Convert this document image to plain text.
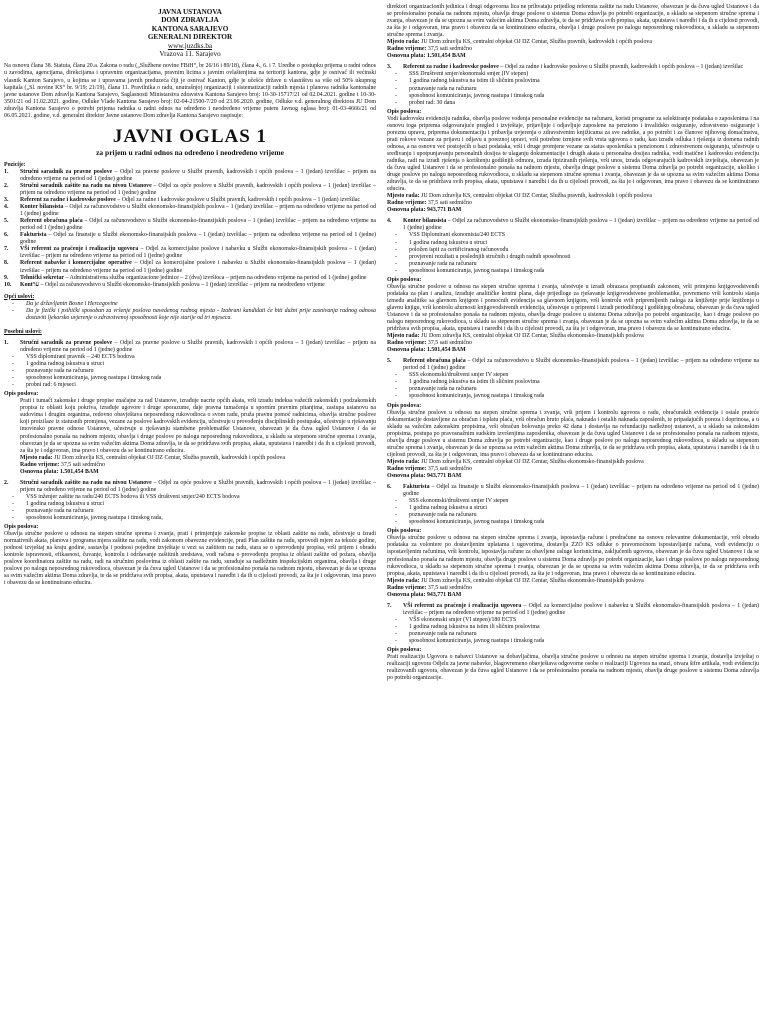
JAVNA USTANOVA

DOM ZDRAVLJA

KANTONA SARAJEVO

GENERALNI DIREKTOR

www.juzdks.ba

Vrazova 11. Sarajevo

Na osnovu člana 38. Statuta, člana 20.a. Zakona o radu („Službene novine FBiH“, br 26/16 i 89/18), člana 4., 6. i 7. Uredbe o postupku prijema u radni odnos u zavodima, agencijama, direkcijama i upravnim organizacijama, pravnim licima s javnim ovlaštenjima na teritoriji kantona, gdje je osnivač ili većinski vlasnik Kanton Sarajevo, u kojima se i upravama javnih preduzeća čiji je osnivač Kanton, gdje je učešće države u vlasništvu sa više od 50% ukupnog kapitala („Sl. novine KS“ br. 9/19; 21/19), člana 11. Pravilnika o radu, unutrašnjoj organizaciji i sistematizaciji radnih mjesta i planova radnika kantonalne javne ustanove Dom zdravlja Kantona Sarajevo, Saglasnosti Ministarstva zdravstva Kantona Sarajevo broj: 10-30-15717/21 od 02.04.2021. godine i 10-30-3501/21 od 11.02.2021. godine, Odluke Vlade Kantona Sarajevo broj: 02-04-21500-7/20 od 23.06.2020. godine, Odluke v.d. generalnog direktora JU Dom zdravlja Kantona Sarajevo o potrebi prijema radnika u radni odnos na određeno i neodređeno vrijeme putem Javnog oglasa broj: 01-03-4666/21 od 06.05.2021. godine, v.d. generalni direktor Javne ustanove Dom zdravlja Kantona Sarajevo raspisuje:

JAVNI OGLAS 1

za prijem u radni odnos na određeno i neodređeno vrijeme

Pozicije:

1.	Stručni saradnik za pravne poslove – Odjel za pravne poslove u Službi pravnih, kadrovskih i općih poslova – 1 (jedan) izvršilac – prijem na određeno vrijeme na period od 1 (jedne) godine
2.	Stručni saradnik zaštite na radu na nivou Ustanove – Odjel za opće poslove u Službi pravnih, kadrovskih i općih poslova – 1 (jedan) izvršilac – prijem na određeno vrijeme na period od 1 (jedne) godine
3.	Referent za radne i kadrovske poslove – Odjel za radne i kadrovske poslove u Službi pravnih, kadrovskih i općih poslova – 1 (jedan) izvršilac
4.	Konter bilansista – Odjel za računovodstvo u Službi ekonomsko-finansijskih poslova – 1 (jedan) izvršilac – prijem na određeno vrijeme na period od 1 (jedne) godine
5.	Referent obračuna plaća – Odjel za računovodstvo u Službi ekonomsko-finansijskih poslova – 1 (jedan) izvršilac – prijem na određeno vrijeme na period od 1 (jedne) godine
6.	Fakturista – Odjel za finansije u Službi ekonomsko-finansijskih poslova – 1 (jedan) izvršilac – prijem na određeno vrijeme na period od 1 (jedne) godine
7.	VŠi referent za praćenje i realizaciju ugovora – Odjel za komercijalne poslove i nabavku u Službi ekonomsko-finansijskih poslova – 1 (jedan) izvršilac – prijem na određeno vrijeme na period od 1 (jedne) godine
8.	Referent nabavke i komercijalne operative – Odjel za komercijalne poslove i nabavku u Službi ekonomsko-finansijskih poslova – 1 (jedan) izvršilac – prijem na određeno vrijeme na period od 1 (jedne) godine
9.	Tehnički sekretar – Administrativna služba organizacione jedinice – 2 (dva) izvršioca – prijem na određeno vrijeme na period od 1 (jedne) godine
10.	Kontער – Odjel za računovodstvo u Službi ekonomsko-finansijskih poslova – 1 (jedan) izvršilac – prijem na neodređeno vrijeme

Opći uslovi:

-	Da je državljanin Bosne i Hercegovine
-	Da je fizički i psihički sposoban za vršenje poslova navedenog radnog mjesta - Izabrani kandidati će biti dužni prije zasnivanja radnog odnosa dostaviti ljekarsko uvjerenje o zdravstvenoj sposobnosti koje nije starije od tri mjeseca.

Posebni uslovi:

1.	Stručni saradnik za pravne poslove – Odjel za pravne poslove u Službi pravnih, kadrovskih i općih poslova – 1 (jedan) izvršilac – prijem na određeno vrijeme na period od 1 (jedne) godine
-	VSS diplomirani pravnik – 240 ECTS bodova
-	1 godina radnog iskustva u struci
-	poznavanje rada na računaru
-	sposobnost komuniciranja, javnog nastupa i timskog rada
-	probni rad: 6 mjeseci

Opis poslova:

Prati i tumači zakonske i druge propise značajne za rad Ustanove, izrađuje nacrte općih akata, vrši izradu indeksa važećih zakonskih i podzakonskih propisa iz oblasti koju pokriva, izrađuje ugovore i druge sporazume, daje pravna tumačenja u sporním pravnim pitanjima, zastupa ustanovu na sudovima i drugim organima, redovno obavještava neposrednog rukovodioca o svom radu, pruža pravnu pomoć radnicima, obavlja stručne poslove koji proizilaze iz statusnih promjena, vezane za poslove kadrovskih evidencija, učestvuje u provođenju disciplinskih postupaka, učestvuje u rješavanju imovinsko pravne odnose Ustanove, učestvuje u rješavanju stambene problematike Ustanove, obavezan je da čuva ugled Ustanove i da se profesionalno ponaša na radnom mjestu, obavlja i druge poslove po nalogu neposrednog rukovodioca, u skladu sa stepenom stručne sprema i zvanja, obavezan je da se upozna sa svim važećim aktima Doma zdravlja, te da se pridržava svih propisa, akata, uputstava i naredbi i da ih u cijelosti provodi, za šta je i odgovoran, ima pravo i obavezu da se kontinuirano educira.

Mjesto rada: JU Dom zdravlja KS, centralni objekat OJ DZ Centar, Služba pravnih, kadrovskih i općih poslova

Radno vrijeme: 37,5 sati sedmično

Osnovna plata: 1.501,454 BAM

2.	Stručni saradnik zaštite na radu na nivou Ustanove – Odjel za opće poslove u Službi pravnih, kadrovskih i općih poslova – 1 (jedan) izvršilac – prijem na određeno vrijeme na period od 1 (jedne) godine
-	VSS inženjer zaštite na radu/240 ECTS bodova ili VSS društveni smjer/240 ECTS bodova
-	1 godina radnog iskustva u struci
-	poznavanje rada na računaru
-	sposobnost komuniciranja, javnog nastupa i timskog rada,

Opis poslova:

Obavlja stručne poslove u odnosu na stepen stručne sprema i zvanja, prati i primjenjuje zakonske propise iz oblasti zaštite na radu, učestvuje u izradi normativnih akata, planova i programa mjera zaštite na radu, vodi zakonom obavezne evidencije, prati Plan zaštite na radu, sprovodi mjere za tekuće godine, podnosi izvještaj na kraju godine, sastavlja i podnosi pojedine izvještaje u vezi sa zaštitom na radu, stara se o sprovođenju propisa, vrši prijem i obradu kontrole ispravnosti, efikasnost, čuvanje, kontrolu i održavanje zaštitnih sredstava, vodi računa o provođenju propisa iz oblasti zaštite od požara, obavlja poslove koordinatora zaštite na radu, radi na stručnim poslovima iz oblasti zaštite na radu, surađuje sa nadležnim inspekcijskim organima, obavlja i druge poslove po nalogu neposrednog rukovodioca, obavezan je da čuva ugled Ustanove i da se profesionalno ponaša na radnom mjestu, obavezan je da se upozna sa svim važećim aktima Doma zdravlja, te da se pridržava svih propisa, akata, uputstava i naredbi i da ih u cijelosti provodi, za šta je i odgovoran, ima pravo i obavezu da se kontinuirano educira.

direktori organizacionih jedinica i drugi odgovorna lica ne prihvataju prijedlog referenta zaštite na radu Ustanove, obavezan je da čuva ugled Ustanove i da se profesionalno ponaša na radnom mjestu, obavlja druge poslove u sistemu Doma zdravlja po potrebi organizacije, u skladu sa stepenom stručne sprema i zvanja, obavezan je da se upozna sa svim važećim aktima Doma zdravlja, te da se pridržava svih propisa, akata, uputstava i naredbi i da ih u cijelosti provodi, za šta je i odgovoran, ima pravo i obavezu da se kontinuirano educira, obavlja i druge poslove po nalogu neposrednog rukovodioca, u skladu sa stepenom stručne sprema i zvanja.

Mjesto rada: JU Dom zdravlja KS, centralni objekat OJ DZ Centar, Služba pravnih, kadrovskih i općih poslova

Radno vrijeme: 37,5 sati sedmično

Osnovna plata: 1.501,454 BAM

3.	Referent za radne i kadrovske poslove – Odjel za radne i kadrovske poslove u Službi pravnih, kadrovskih i općih poslova – 1 (jedan) izvršilac
-	SSS Društveni smjer/ekonomski smjer (IV stepen)
-	1 godina radnog iskustva na istim ili sličnim poslovima
-	poznavanje rada na računaru
-	sposobnost komuniciranja, javnog nastupa i timskog rada
-	probni rad: 30 dana

Opis poslova:

Vodi kadrovsku evidenciju radnika, obavlja poslove vođenja personalne evidencije na računaru, koristi programe za selektiranje podataka o zaposlenima i na osnovu toga priprema odgovarajuće pregled i izvještaje, prijavljuje i odjavljuje zaposlene na penziono i invalidsko osiguranje, zdravstveno osiguranje i poreznu upravu, priprema dokumentaciju i pribavlja uvjerenja o zdravstvenim knjižicama za sve radnike, a po potrebi i za članove njihovog domaćinstva, prati rokove vezane za prijavu i odjavu u poreznoj upravi, vrši potrebne izmjene svih vrsta ugovora o radu, kao izradu odluka i rješenja iz domena radnih odnosa, a na osnovu već postojećih u bazi podataka, vrši i druge promjene vezane za status uposlenika u penzionom i zdravstvenom osiguranju, učestvuje u sređivanju i upotpunjavanju personalnih dosijea te ulaganju dokumentacije i drugih akata u personalna dosijea radnika, vodi matične i kadrovsku evidenciju radnika, radi na izradi rješenja o korištenju godišnjih odmora, izrada tipiziranih rješenja, vrši unos, izrada odgovarajućih kadrovskih izvještaja, obavezan je da čuva ugled Ustanove i da se profesionalno ponaša na radnom mjestu, obavlja druge poslove u sistemu Doma zdravlja po potrebi organizacije, ukoliko i druge poslove po nalogu neposrednog rukovodioca, u skladu sa stepenom stručne sprema i zvanja, obavezan je da se upozna sa svim važećim aktima Doma zdravlja, te da se pridržava svih propisa, akata, uputstava i naredbi i da ih u cijelosti provodi, za šta je i odgovoran, ima pravo i obavezu da se kontinuirano educira.

Mjesto rada: JU Dom zdravlja KS, centralni objekat OJ DZ Centar, Služba pravnih, kadrovskih i općih poslova

Radno vrijeme: 37,5 sati sedmično

Osnovna plata: 943,771 BAM

4.	Konter bilansista – Odjel za računovodstvo u Službi ekonomsko-finansijskih poslova – 1 (jedan) izvršilac – prijem na određeno vrijeme na period od 1 (jedne) godine
-	VSS Diplomirani ekonomista/240 ECTS
-	1 godina radnog iskustva u struci
-	položen ispit za certificiranog računovođu
-	provjereni rezultati u poslednjih stručnih i drugih radnih sposobnosti
-	poznavanje rada na računaru
-	sposobnost komuniciranja, javnog nastupa i timskog rada

Opis poslova:

Obavlja stručne poslove u odnosu na stepen stručne sprema i zvanja, učestvuje u izradi obrazaca propisanih zakonom, vrši primjenu knjigovodstvenih podataka za plan i analizu, izrađuje analitičke kontni plana, daje prijedloge za rješavanje knjigovodstvene problematike, povremeno vrši kontrolu stanja između analitike sa glavnom knjigom i pomoćnih evidencija sa glavnom knjigom, vrši kontrolu svih pripremljenih naloga za knjiženje prije knjiženja u glavnu knjigu, vrši kontrolu ažurnosti knjigovodstvenih evidencija, učestvuje u pripremi i izradi periodičnog i godišnjeg obračuna, obavezan je da čuva ugled Ustanove i da se profesionalno ponaša na radnom mjestu, obavlja druge poslove u sistemu Doma zdravlja po potrebi organizacije, kao i druge poslove po nalogu neposrednog rukovodioca, u skladu sa stepenom stručne sprema i zvanja, obavezan je da se upozna sa svim važećim aktima Doma zdravlja, te da se pridržava svih propisa, akata, uputstava i naredbi i da ih u cijelosti provodi, za šta je i odgovoran, ima pravo i obavezu da se kontinuirano educira.

Mjesto rada: JU Dom zdravlja KS, centralni objekat OJ DZ Centar, Služba ekonomsko-finansijskih poslova

Radno vrijeme: 37,5 sati sedmično

Osnovna plata: 1.501,454 BAM

5.	Referent obračuna plaća – Odjel za računovodstvo u Službi ekonomsko-finansijskih poslova – 1 (jedan) izvršilac – prijem na određeno vrijeme na period od 1 (jedne) godine
-	SSS ekonomski/društveni smjer IV stepen
-	1 godina radnog iskustva na istim ili sličnim poslovima
-	poznavanje rada na računaru
-	sposobnost komuniciranja, javnog nastupa i timskog rada

Opis poslova:

Obavlja stručne poslove u odnosu na stepen stručne sprema i zvanja, vrši prijem i kontrolu ugovora o radu, obračunskih evidencija i ostale pratеće dokumentacije dostavljene za obračun i isplatu plaća, vrši obračun bruto plaća, naknada i ostalih naknada zaposlenih, te pripadajućih poreza i doprinosa, a u skladu sa važećim zakonskim propisima, vrši obračun bolovanja preko 42 dana i dostavlja na refundaciju nadležnoj ustanovi, a u skladu sa zakonskim propisima, postupa po pravosnažnim sudskim izvršenjima zaposlenika, obavezan je da čuva ugled Ustanove i da se profesionalno ponaša na radnom mjestu, obavlja druge poslove u sistemu Doma zdravlja po potrebi organizacije, kao i druge poslove po nalogu neposrednog rukovodioca, u skladu sa stepenom stručne sprema i zvanja, obavezan je da se upozna sa svim važećim aktima Doma zdravlja, te da se pridržava svih propisa, akata, uputstava i naredbi i da ih u cijelosti provodi, za šta je i odgovoran, ima pravo i obavezu da se kontinuirano educira.

Mjesto rada: JU Dom zdravlja KS, centralni objekat OJ DZ Centar, Služba ekonomsko-finansijskih poslova

Radno vrijeme: 37,5 sati sedmično

Osnovna plata: 943,771 BAM

6.	Fakturista – Odjel za finansije u Službi ekonomsko-finansijskih poslova – 1 (jedan) izvršilac – prijem na određeno vrijeme na period od 1 (jedne) godine
-	SSS ekonomski/društveni smjer IV stepen
-	1 godina radnog iskustva u struci
-	poznavanje rada na računaru
-	sposobnost komuniciranja, javnog nastupa i timskog rada

Opis poslova:

Obavlja stručne poslove u odnosu na stepen stručne sprema i zvanja, ispostavlja račune i predračune na osnovu relevantne dokumentacije, vrši obradu podataka za volontere po dostavljenim uplatama i ugovorima, dostavlja ZZO KS odluke o pravomoćnom ispostavljanju računa, vodi evidenciju o ispostavljenim računima, vrši kontrolu, ispostavlja račune za obavljene usluge korisnicima, zaključenih ugovora, obavezan je da čuva ugled Ustanove i da se profesionalno ponaša na radnom mjestu, obavlja druge poslove u sistemu Doma zdravlja po potrebi organizacije, kao i druge poslove po nalogu neposrednog rukovodioca, u skladu sa stepenom stručne sprema i zvanja, obavezan je da se upozna sa svim važećim aktima Doma zdravlja, te da se pridržava svih propisa, akata, uputstava i naredbi i da ih u cijelosti provodi, za šta je i odgovoran, ima pravo i obavezu da se kontinuirano educira.

Mjesto rada: JU Dom zdravlja KS, centralni objekat OJ DZ Centar, Služba ekonomsko-finansijskih poslova

Radno vrijeme: 37,5 sati sedmično

Osnovna plata: 943,771 BAM

7.	VŠi referent za praćenje i realizaciju ugovora – Odjel za komercijalne poslove i nabavku u Službi ekonomsko-finansijskih poslova – 1 (jedan) izvršilac – prijem na određeno vrijeme na period od 1 (jedne) godine
-	VŠS ekonomski smjer (VI stepen)/180 ECTS
-	1 godina radnog iskustva na istim ili sličnim poslovima
-	poznavanje rada na računaru
-	sposobnost komuniciranja, javnog nastupa i timskog rada

Opis poslova:

Prati realizaciju Ugovora o nabavci Ustanove sa dobavljačima, obavlja stručne poslove u odnosu na stepen stručne sprema i zvanja, dostavlja izvještaj o realizaciji ugovora Odjelu za javne nabavke, blagovremeno obavještava odgovorne osobe o realizaciji Ugovora na snazi, otvara šifre artikala, vodi evidenciju realizovanih ugovora, obavezan je da čuva ugled Ustanove i da se profesionalno ponaša na radnom mjestu, obavlja druge poslove u sistemu Doma zdravlja po potrebi organizacije.
